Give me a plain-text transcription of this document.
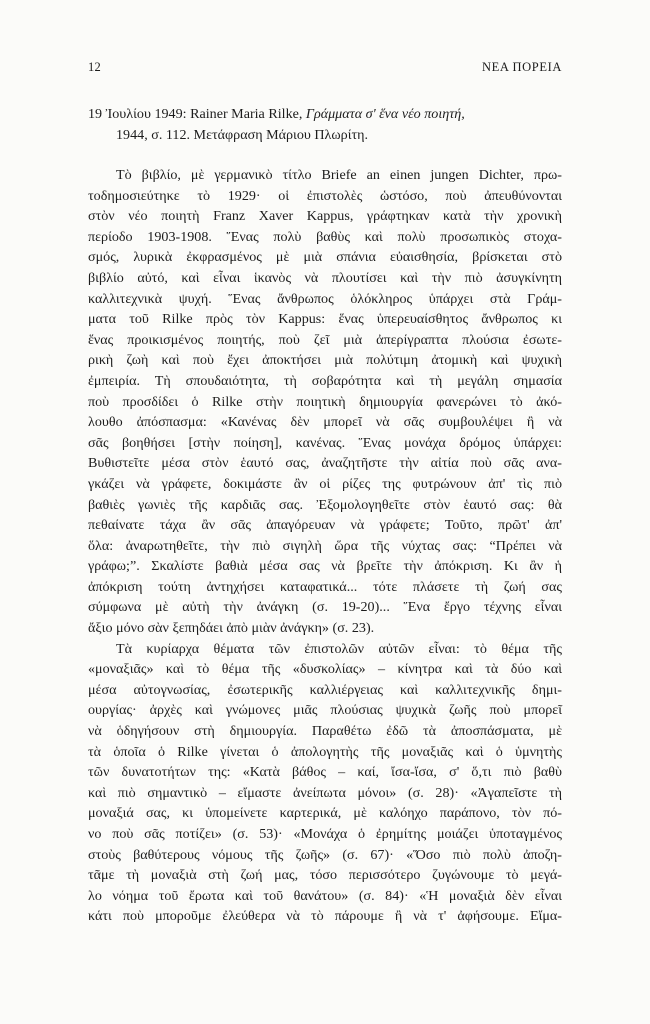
12	ΝΕΑ ΠΟΡΕΙΑ
19 Ἰουλίου 1949: Rainer Maria Rilke, Γράμματα σ' ἕνα νέο ποιητή,
1944, σ. 112. Μετάφραση Μάριου Πλωρίτη.
Τὸ βιβλίο, μὲ γερμανικὸ τίτλο Briefe an einen jungen Dichter, πρω-
τοδημοσιεύτηκε τὸ 1929· οἱ ἐπιστολὲς ὡστόσο, ποὺ ἀπευθύνονται
στὸν νέο ποιητὴ Franz Xaver Kappus, γράφτηκαν κατὰ τὴν χρονικὴ
περίοδο 1903-1908. Ἕνας πολὺ βαθὺς καὶ πολὺ προσωπικὸς στοχα-
σμός, λυρικὰ ἐκφρασμένος μὲ μιὰ σπάνια εὐαισθησία, βρίσκεται στὸ
βιβλίο αὐτό, καὶ εἶναι ἱκανὸς νὰ πλουτίσει καὶ τὴν πιὸ ἀσυγκίνητη
καλλιτεχνικὰ ψυχή. Ἕνας ἄνθρωπος ὁλόκληρος ὑπάρχει στὰ Γράμ-
ματα τοῦ Rilke πρὸς τὸν Kappus: ἕνας ὑπερευαίσθητος ἄνθρωπος κι
ἕνας προικισμένος ποιητής, ποὺ ζεῖ μιὰ ἀπερίγραπτα πλούσια ἐσωτε-
ρικὴ ζωὴ καὶ ποὺ ἔχει ἀποκτήσει μιὰ πολύτιμη ἀτομικὴ καὶ ψυχικὴ
ἐμπειρία. Τὴ σπουδαιότητα, τὴ σοβαρότητα καὶ τὴ μεγάλη σημασία
ποὺ προσδίδει ὁ Rilke στὴν ποιητικὴ δημιουργία φανερώνει τὸ ἀκό-
λουθο ἀπόσπασμα: «Κανένας δὲν μπορεῖ νὰ σᾶς συμβουλέψει ἢ νὰ
σᾶς βοηθήσει [στὴν ποίηση], κανένας. Ἕνας μονάχα δρόμος ὑπάρχει:
Βυθιστεῖτε μέσα στὸν ἑαυτό σας, ἀναζητῆστε τὴν αἰτία ποὺ σᾶς ανα-
γκάζει νὰ γράφετε, δοκιμάστε ἂν οἱ ρίζες της φυτρώνουν ἀπ' τὶς πιὸ
βαθιὲς γωνιὲς τῆς καρδιᾶς σας. Ἐξομολογηθεῖτε στὸν ἑαυτό σας: θὰ
πεθαίνατε τάχα ἂν σᾶς ἀπαγόρευαν νὰ γράφετε; Τοῦτο, πρῶτ' ἀπ'
ὅλα: ἀναρωτηθεῖτε, τὴν πιὸ σιγηλὴ ὥρα τῆς νύχτας σας: “Πρέπει νὰ
γράφω;”. Σκαλίστε βαθιὰ μέσα σας νὰ βρεῖτε τὴν ἀπόκριση. Κι ἂν ἡ
ἀπόκριση τούτη ἀντηχήσει καταφατικά... τότε πλάσετε τὴ ζωή σας
σύμφωνα μὲ αὐτὴ τὴν ἀνάγκη (σ. 19-20)... Ἕνα ἔργο τέχνης εἶναι
ἄξιο μόνο σὰν ξεπηδάει ἀπὸ μιὰν ἀνάγκη» (σ. 23).
Τὰ κυρίαρχα θέματα τῶν ἐπιστολῶν αὐτῶν εἶναι: τὸ θέμα τῆς
«μοναξιᾶς» καὶ τὸ θέμα τῆς «δυσκολίας» – κίνητρα καὶ τὰ δύο καὶ
μέσα αὐτογνωσίας, ἐσωτερικῆς καλλιέργειας καὶ καλλιτεχνικῆς δημι-
ουργίας· ἀρχὲς καὶ γνώμονες μιᾶς πλούσιας ψυχικὰ ζωῆς ποὺ μπορεῖ
νὰ ὁδηγήσουν στὴ δημιουργία. Παραθέτω ἐδῶ τὰ ἀποσπάσματα, μὲ
τὰ ὁποῖα ὁ Rilke γίνεται ὁ ἀπολογητὴς τῆς μοναξιᾶς καὶ ὁ ὑμνητὴς
τῶν δυνατοτήτων της: «Κατὰ βάθος – καί, ἴσα-ἴσα, σ' ὅ,τι πιὸ βαθὺ
καὶ πιὸ σημαντικὸ – εἴμαστε ἀνείπωτα μόνοι» (σ. 28)· «Ἀγαπεῖστε τὴ
μοναξιά σας, κι ὑπομείνετε καρτερικά, μὲ καλόηχο παράπονο, τὸν πό-
νο ποὺ σᾶς ποτίζει» (σ. 53)· «Μονάχα ὁ ἐρημίτης μοιάζει ὑποταγμένος
στοὺς βαθύτερους νόμους τῆς ζωῆς» (σ. 67)· «Ὅσο πιὸ πολὺ ἀποζη-
τᾶμε τὴ μοναξιὰ στὴ ζωή μας, τόσο περισσότερο ζυγώνουμε τὸ μεγά-
λο νόημα τοῦ ἔρωτα καὶ τοῦ θανάτου» (σ. 84)· «Ἡ μοναξιὰ δὲν εἶναι
κάτι ποὺ μποροῦμε ἐλεύθερα νὰ τὸ πάρουμε ἢ νὰ τ' ἀφήσουμε. Εἴμα-
